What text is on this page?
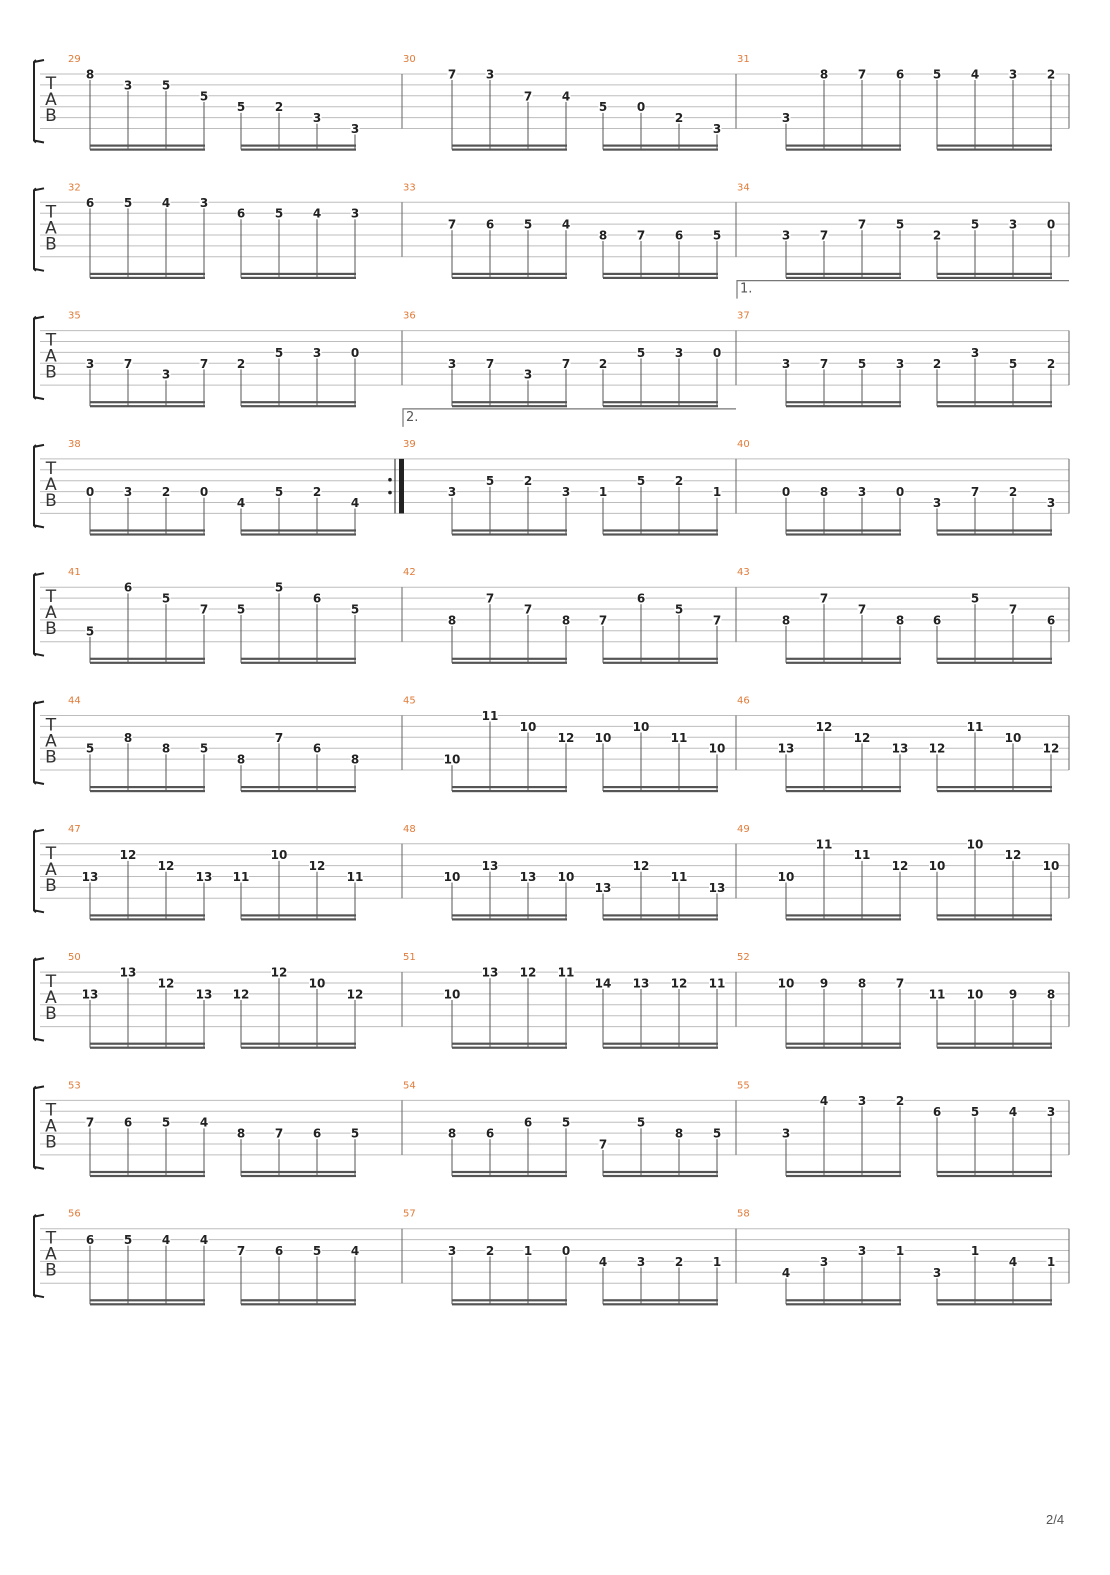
T
A
B
29
8
3 5
5
5 2
3
3
30
7 3
7 4
5 0
2
3
31
3
8 7 6 5 4 3 2
T
A
B
32
6 5 4 3
6 5 4 3
33
7 6 5 4
8 7 6 5
34
3 7
7 5
2
5 3 0
T
A
B
1.
35
3 7
3
7 2
5 3 0
36
3 7
3
7 2
5 3 0
37
3 7 5 3 2
3
5 2
T
A
B
2.
38
0 3 2 0
4
5 2
4
39
3
5 2
3 1
5 2
1
40
0 8 3 0
3
7 2
3
T
A
B
41
5
6
5
7 5
5
6
5
42
8
7
7
8 7
6
5
7
43
8
7
7
8 6
5
7
6
T
A
B
44
5
8
8 5
8
7
6
8
45
10
11
10
12 10
10
11
10
46
13
12
12
13 12
11
10
12
T
A
B
47
13
12
12
13 11
10
12
11
48
10
13
13 10
13
12
11
13
49
10
11
11
12 10
10
12
10
T
A
B
50
13
13
12
13 12
12
10
12
51
10
13 12 11
14 13 12 11
52
10 9 8 7
11 10 9 8
T
A
B
53
7 6 5 4
8 7 6 5
54
8 6
6 5
7
5
8 5
55
3
4 3 2
6 5 4 3
T
A
B
56
6 5 4 4
7 6 5 4
57
3 2 1 0
4 3 2 1
58
4
3
3 1
3
1
4 1
2/4
